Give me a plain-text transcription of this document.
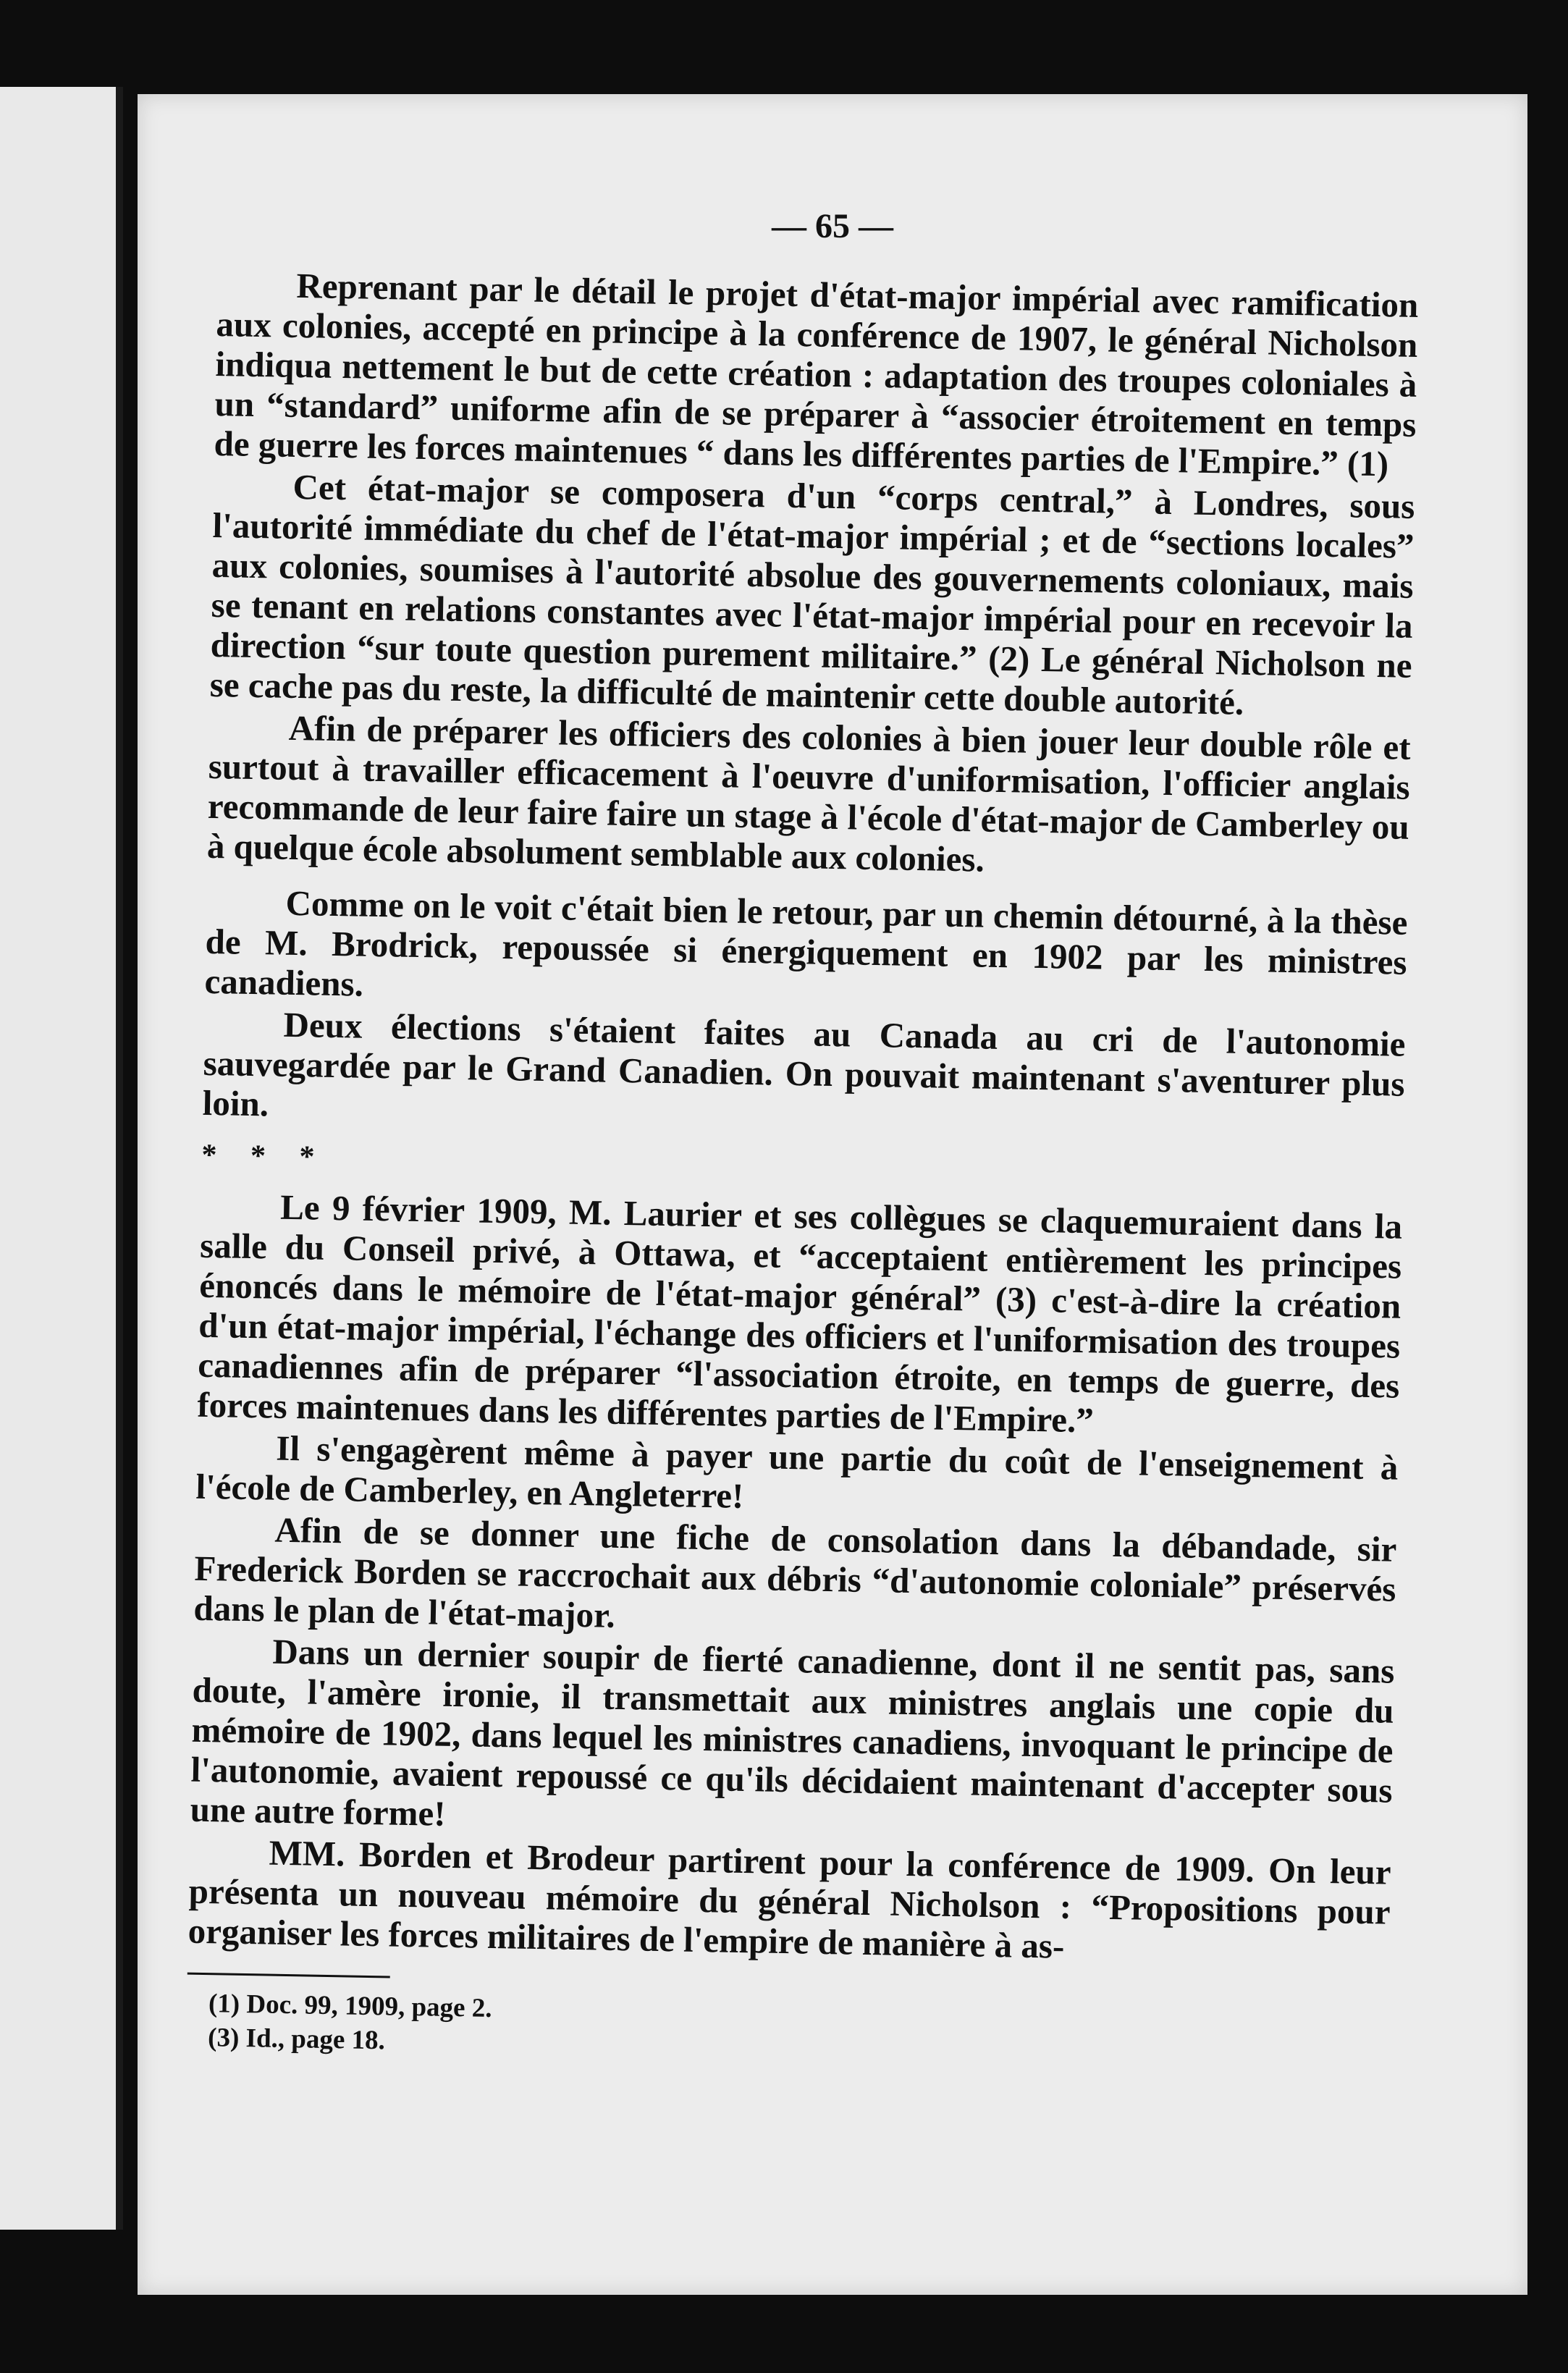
— 65 —

Reprenant par le détail le projet d'état-major impérial avec ramification aux colonies, accepté en principe à la conférence de 1907, le général Nicholson indiqua nettement le but de cette création : adaptation des troupes coloniales à un “standard” uniforme afin de se préparer à “associer étroitement en temps de guerre les forces maintenues “ dans les différentes parties de l'Empire.” (1)

Cet état-major se composera d'un “corps central,” à Londres, sous l'autorité immédiate du chef de l'état-major impérial ; et de “sections locales” aux colonies, soumises à l'autorité absolue des gouvernements coloniaux, mais se tenant en relations constantes avec l'état-major impérial pour en recevoir la direction “sur toute question purement militaire.” (2) Le général Nicholson ne se cache pas du reste, la difficulté de maintenir cette double autorité.

Afin de préparer les officiers des colonies à bien jouer leur double rôle et surtout à travailler efficacement à l'oeuvre d'uniformisation, l'officier anglais recommande de leur faire faire un stage à l'école d'état-major de Camberley ou à quelque école absolument semblable aux colonies.

Comme on le voit c'était bien le retour, par un chemin détourné, à la thèse de M. Brodrick, repoussée si énergiquement en 1902 par les ministres canadiens.

Deux élections s'étaient faites au Canada au cri de l'autonomie sauvegardée par le Grand Canadien. On pouvait maintenant s'aventurer plus loin.

* * *

Le 9 février 1909, M. Laurier et ses collègues se claquemuraient dans la salle du Conseil privé, à Ottawa, et “acceptaient entièrement les principes énoncés dans le mémoire de l'état-major général” (3) c'est-à-dire la création d'un état-major impérial, l'échange des officiers et l'uniformisation des troupes canadiennes afin de préparer “l'association étroite, en temps de guerre, des forces maintenues dans les différentes parties de l'Empire.”

Il s'engagèrent même à payer une partie du coût de l'enseignement à l'école de Camberley, en Angleterre!

Afin de se donner une fiche de consolation dans la débandade, sir Frederick Borden se raccrochait aux débris “d'autonomie coloniale” préservés dans le plan de l'état-major.

Dans un dernier soupir de fierté canadienne, dont il ne sentit pas, sans doute, l'amère ironie, il transmettait aux ministres anglais une copie du mémoire de 1902, dans lequel les ministres canadiens, invoquant le principe de l'autonomie, avaient repoussé ce qu'ils décidaient maintenant d'accepter sous une autre forme!

MM. Borden et Brodeur partirent pour la conférence de 1909. On leur présenta un nouveau mémoire du général Nicholson : “Propositions pour organiser les forces militaires de l'empire de manière à as-

(1) Doc. 99, 1909, page 2.

(3) Id., page 18.
